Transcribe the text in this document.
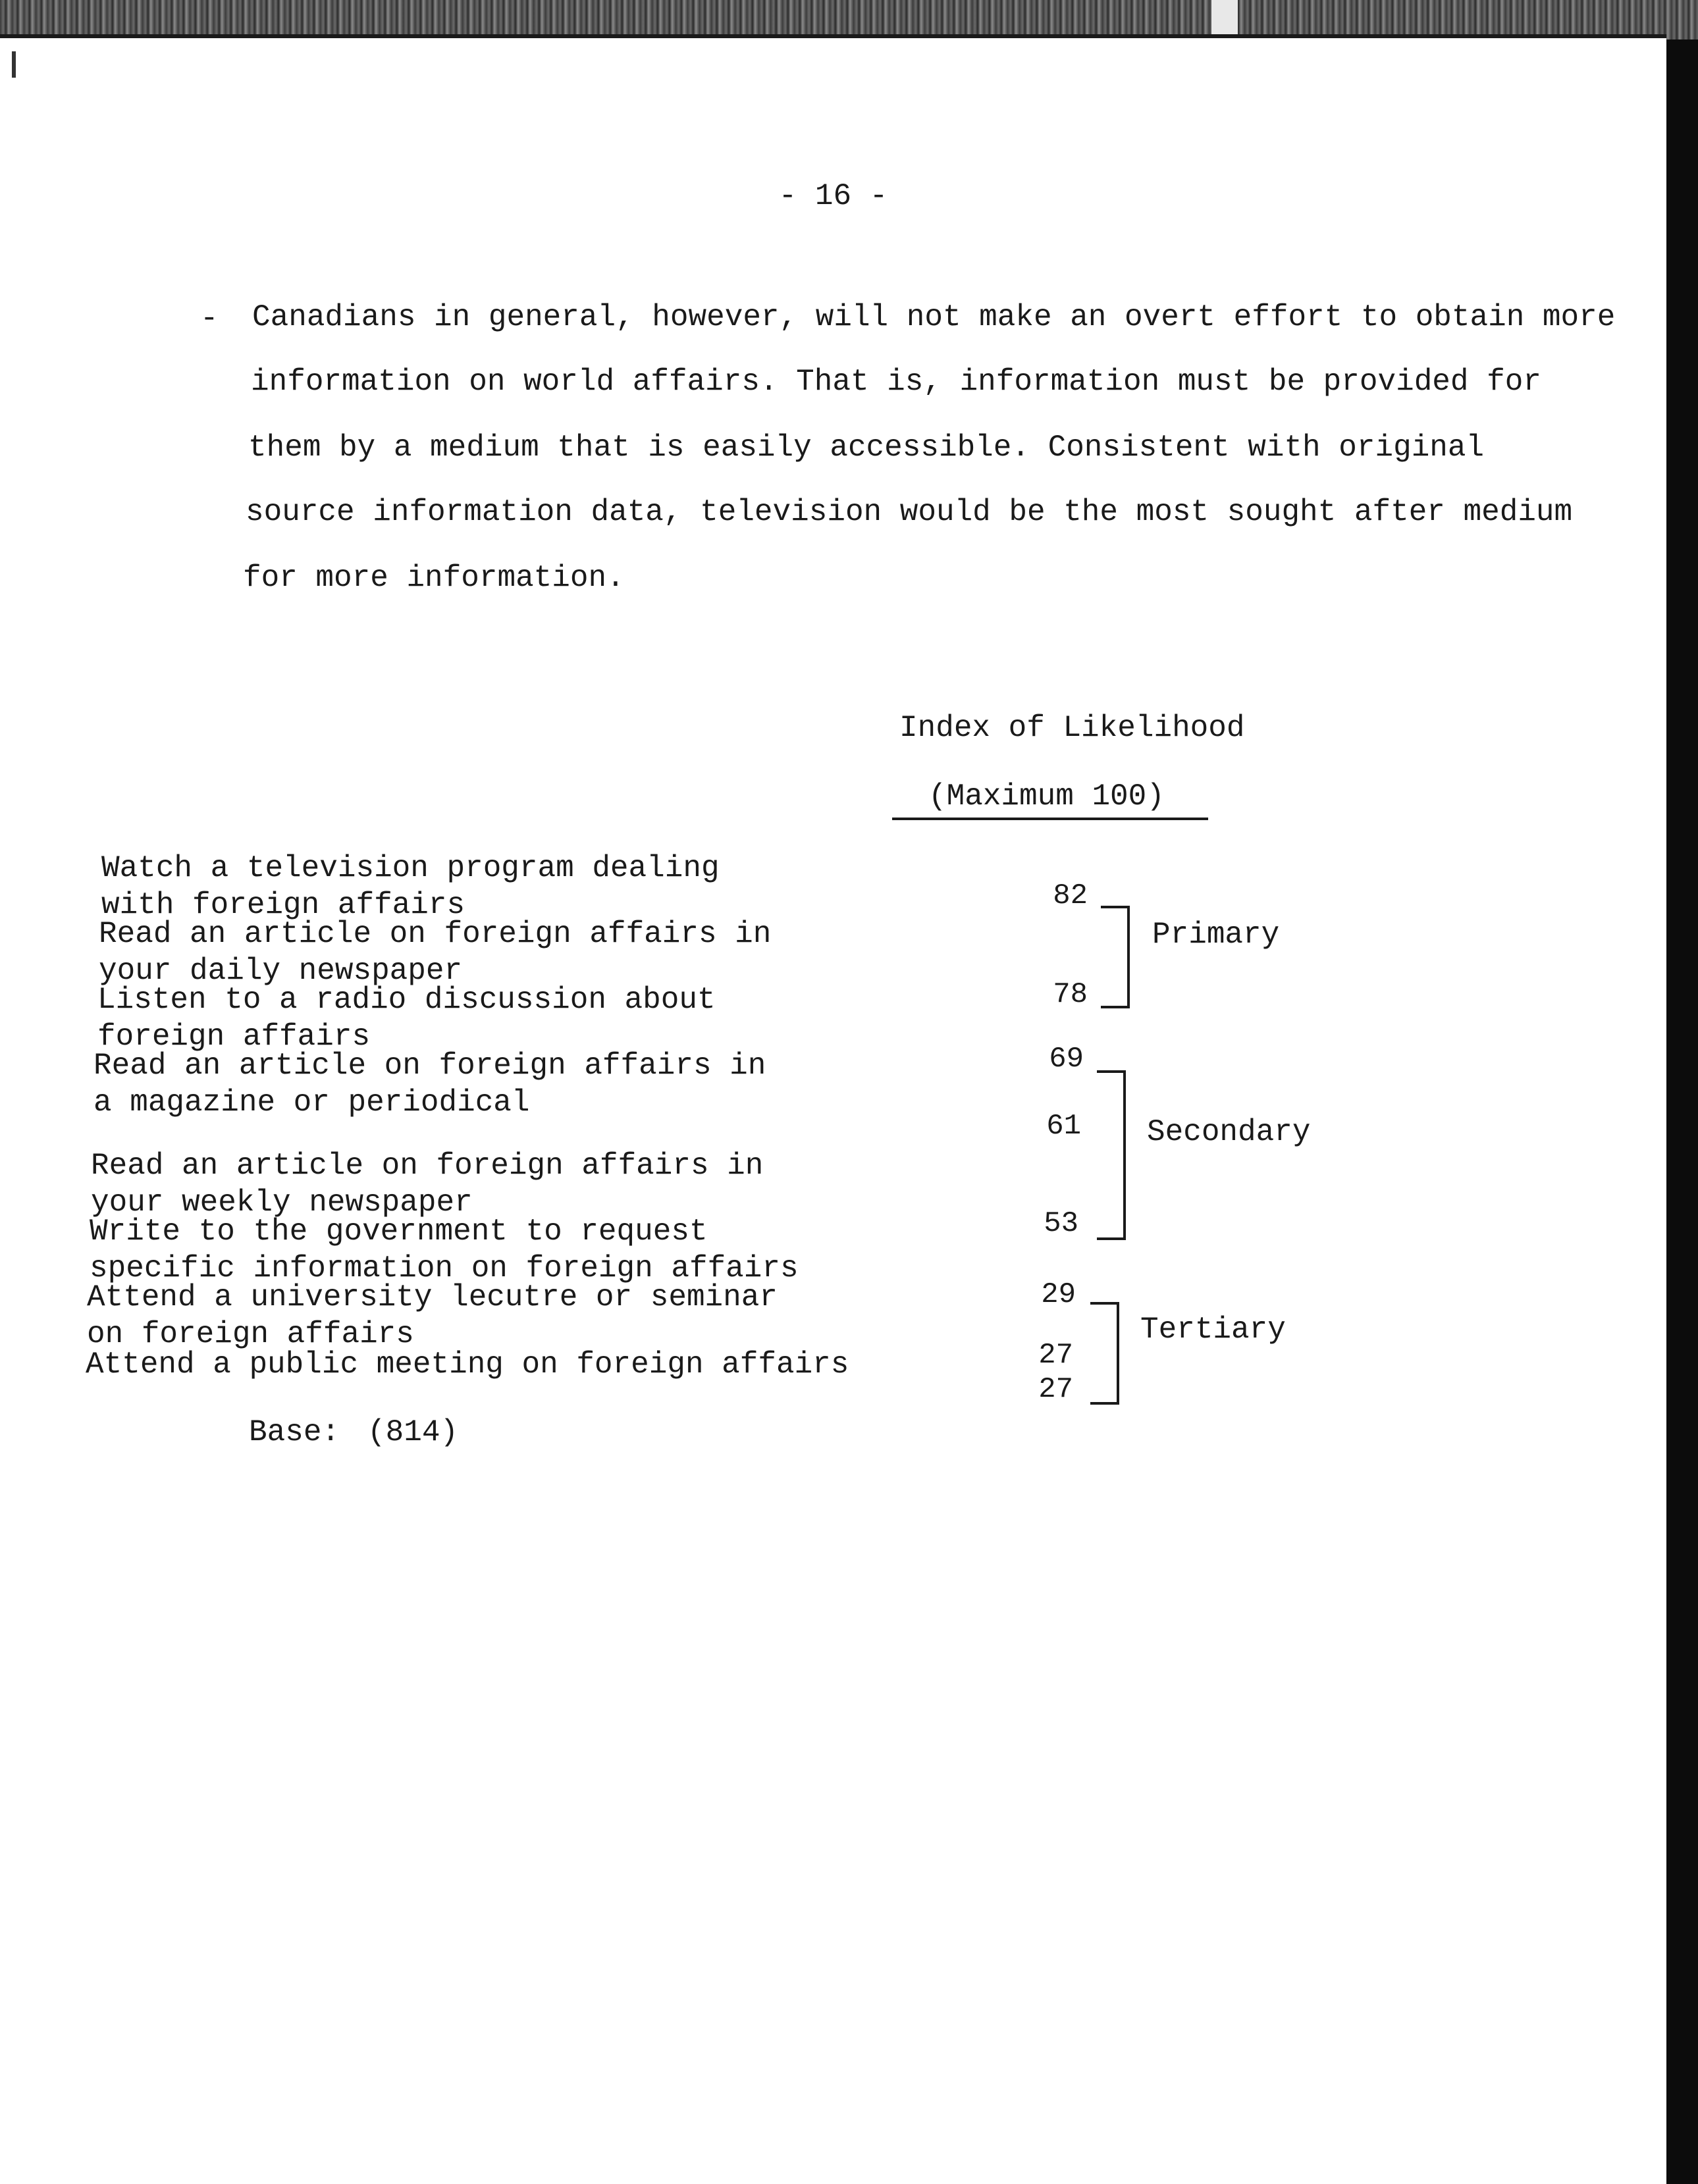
- 16 -
- Canadians in general, however, will not make an overt effort to obtain more
information on world affairs. That is, information must be provided for
them by a medium that is easily accessible. Consistent with original
source information data, television would be the most sought after medium
for more information.
Index of Likelihood
(Maximum 100)
Watch a television program dealing
with foreign affairs
Read an article on foreign affairs in
your daily newspaper
Listen to a radio discussion about
foreign affairs
Read an article on foreign affairs in
a magazine or periodical
Read an article on foreign affairs in
your weekly newspaper
Write to the government to request
specific information on foreign affairs
Attend a university lecutre or seminar
on foreign affairs
Attend a public meeting on foreign affairs
82
78
69
61
53
29
27
27
Primary
Secondary
Tertiary
Base: (814)
